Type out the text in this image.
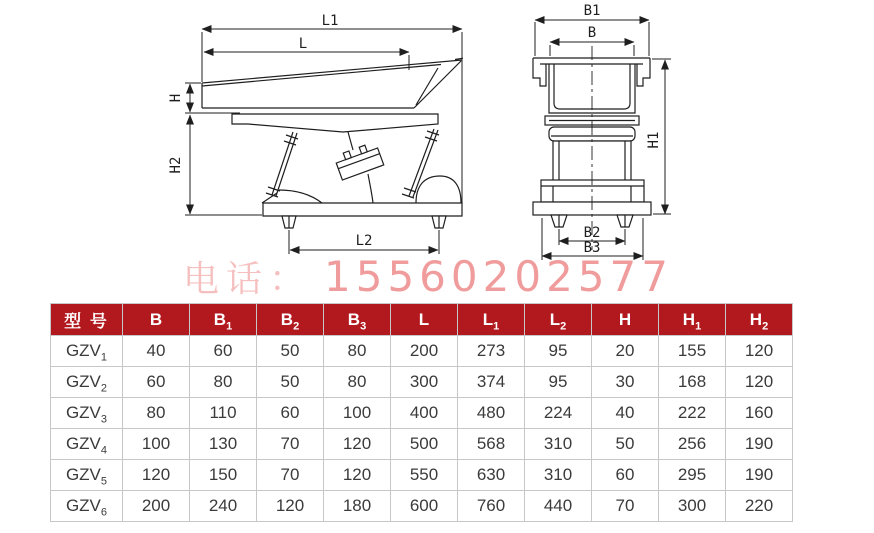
L1
L
H
H2
L2
B1
B
H1
B2
B3
电话： 15560202577
型 号	B	$B_1$	$B_2$	$B_3$	L	$L_1$	$L_2$	H	$H_1$	$H_2$
$GZV_1$	40	60	50	80	200	273	95	20	155	120
$GZV_2$	60	80	50	80	300	374	95	30	168	120
$GZV_3$	80	110	60	100	400	480	224	40	222	160
$GZV_4$	100	130	70	120	500	568	310	50	256	190
$GZV_5$	120	150	70	120	550	630	310	60	295	190
$GZV_6$	200	240	120	180	600	760	440	70	300	220
